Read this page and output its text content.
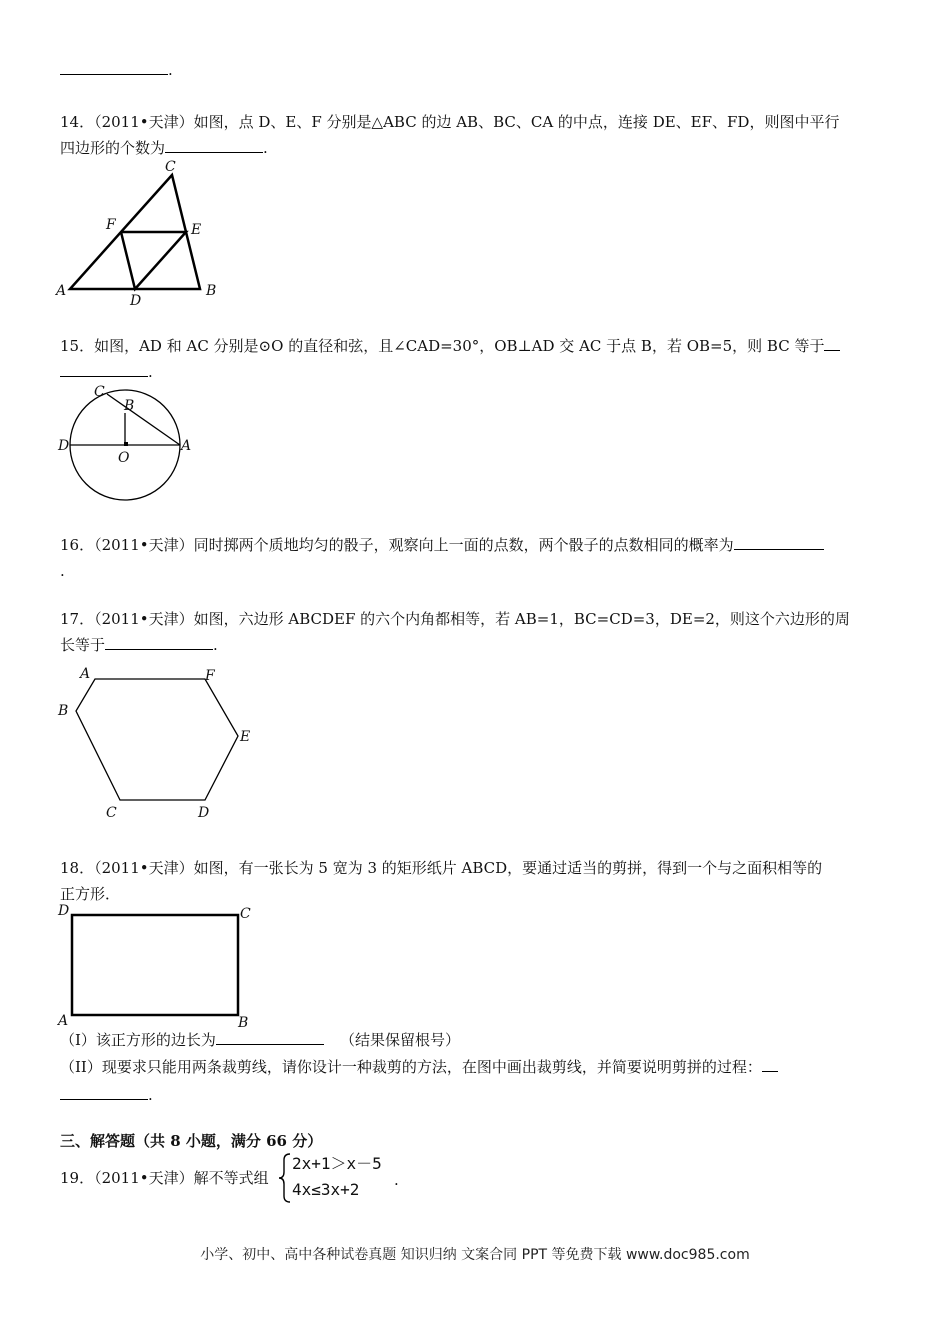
.
14．（2011•天津）如图，点 D、E、F 分别是△ABC 的边 AB、BC、CA 的中点，连接 DE、EF、FD，则图中平行
四边形的个数为	.
C
F	E
A
D
B
15．如图，AD 和 AC 分别是⊙O 的直径和弦，且∠CAD=30°，OB⊥AD 交 AC 于点 B，若 OB=5，则 BC 等于
.
C
B
D	A
O
16．（2011•天津）同时掷两个质地均匀的骰子，观察向上一面的点数，两个骰子的点数相同的概率为
.
17．（2011•天津）如图，六边形 ABCDEF 的六个内角都相等，若 AB=1，BC=CD=3，DE=2，则这个六边形的周
长等于	.
A	F
B
E
C	D
18．（2011•天津）如图，有一张长为 5 宽为 3 的矩形纸片 ABCD，要通过适当的剪拼，得到一个与之面积相等的
正方形．
D	C
A	B
（I）该正方形的边长为	（结果保留根号）
（II）现要求只能用两条裁剪线，请你设计一种裁剪的方法，在图中画出裁剪线，并简要说明剪拼的过程：
.
三、解答题（共 8 小题，满分 66 分）
19．（2011•天津）解不等式组
2x+1＞x－5
4x≤3x+2	.
小学、初中、高中各种试卷真题 知识归纳 文案合同 PPT 等免费下载 www.doc985.com
